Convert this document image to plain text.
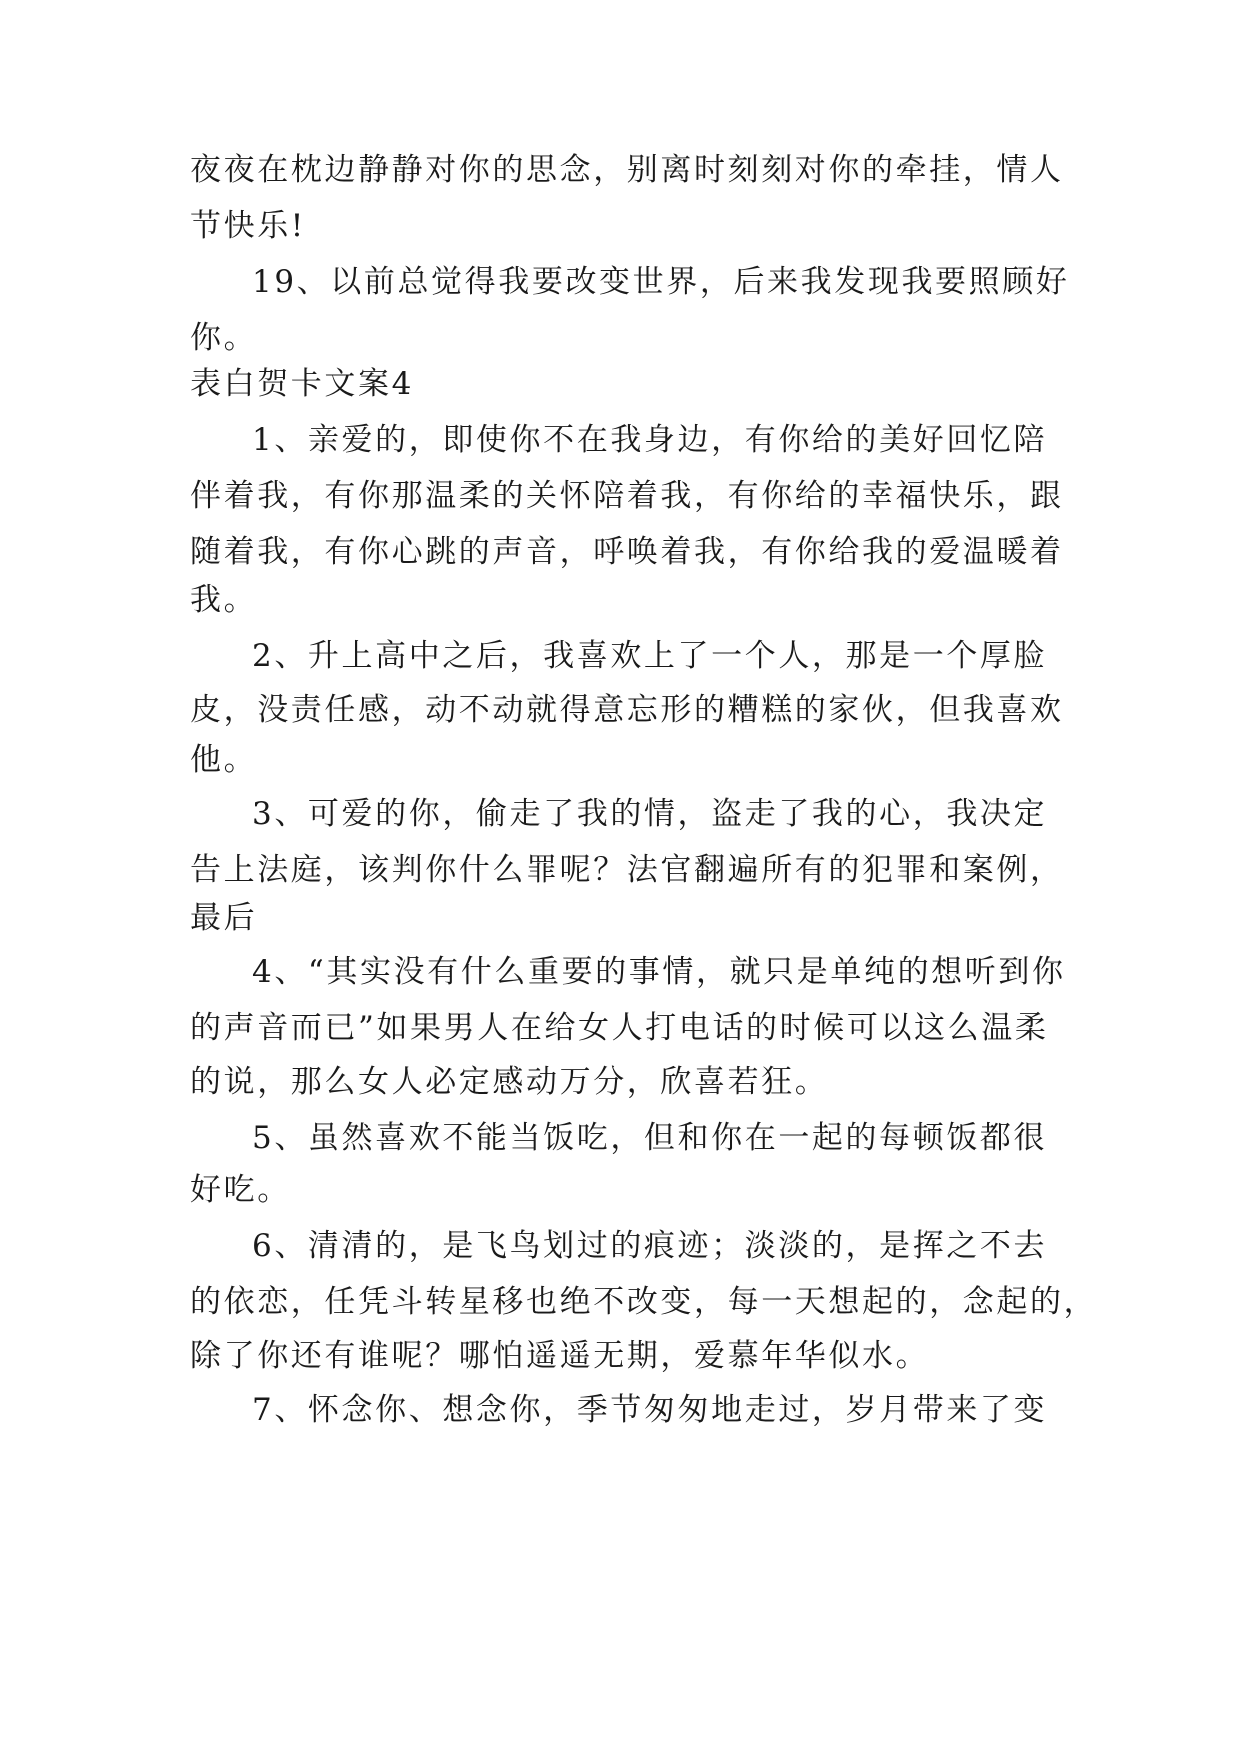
夜夜在枕边静静对你的思念，别离时刻刻对你的牵挂，情人
节快乐!
19、以前总觉得我要改变世界，后来我发现我要照顾好
你。
表白贺卡文案4
1、亲爱的，即使你不在我身边，有你给的美好回忆陪
伴着我，有你那温柔的关怀陪着我，有你给的幸福快乐，跟
随着我，有你心跳的声音，呼唤着我，有你给我的爱温暖着
我。
2、升上高中之后，我喜欢上了一个人，那是一个厚脸
皮，没责任感，动不动就得意忘形的糟糕的家伙，但我喜欢
他。
3、可爱的你，偷走了我的情，盗走了我的心，我决定
告上法庭，该判你什么罪呢？法官翻遍所有的犯罪和案例，
最后
4、“其实没有什么重要的事情，就只是单纯的想听到你
的声音而已”如果男人在给女人打电话的时候可以这么温柔
的说，那么女人必定感动万分，欣喜若狂。
5、虽然喜欢不能当饭吃，但和你在一起的每顿饭都很
好吃。
6、清清的，是飞鸟划过的痕迹；淡淡的，是挥之不去
的依恋，任凭斗转星移也绝不改变，每一天想起的，念起的，
除了你还有谁呢？哪怕遥遥无期，爱慕年华似水。
7、怀念你、想念你，季节匆匆地走过，岁月带来了变
